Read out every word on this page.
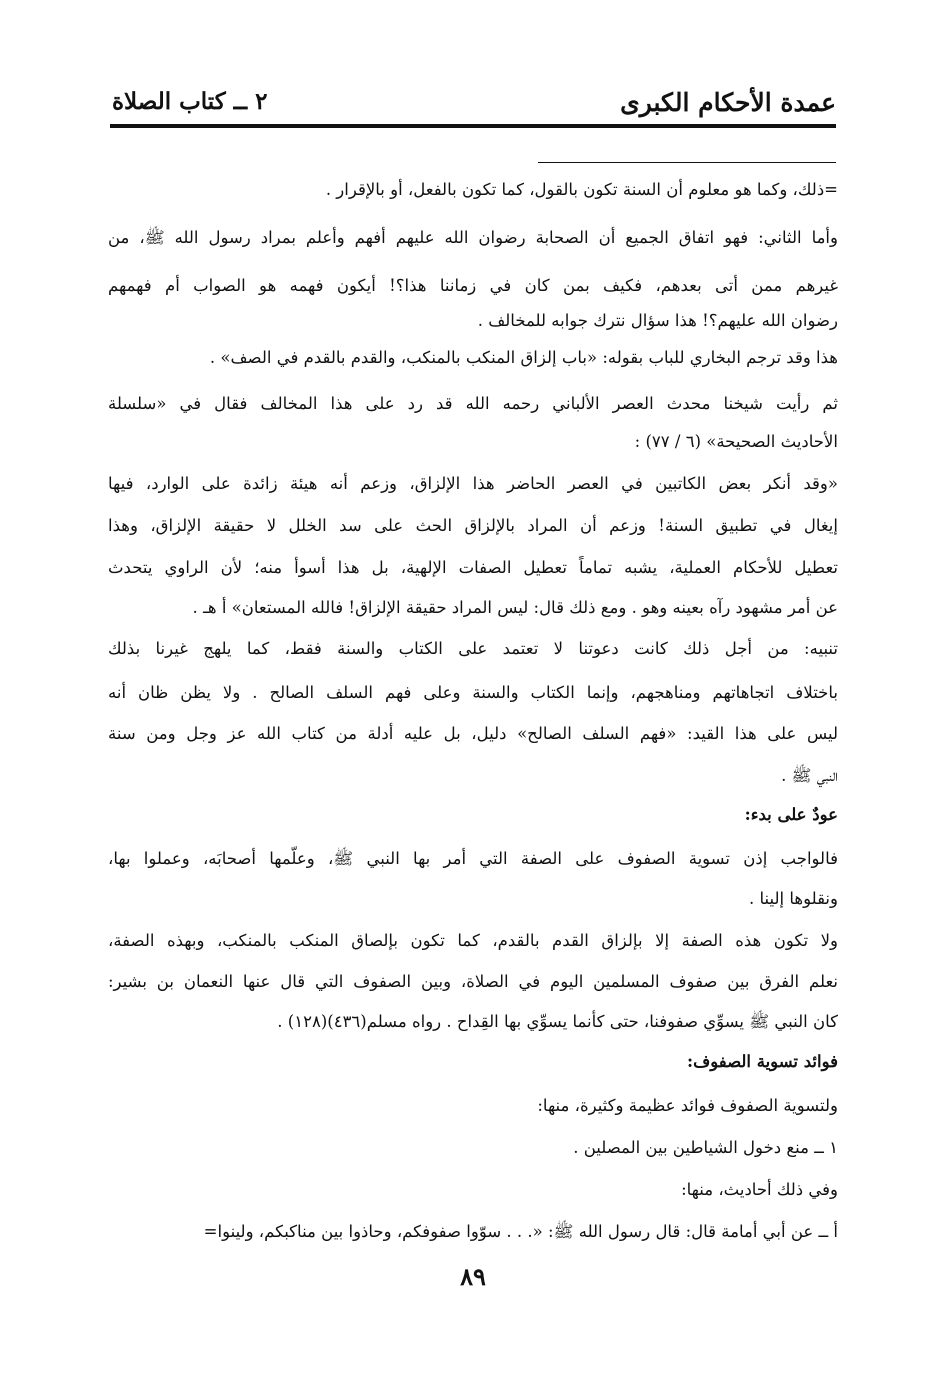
عمدة الأحكام الكبرى
٢ ــ كتاب الصلاة
=ذلك، وكما هو معلوم أن السنة تكون بالقول، كما تكون بالفعل، أو بالإقرار .
وأما الثاني: فهو اتفاق الجميع أن الصحابة رضوان الله عليهم أفهم وأعلم بمراد رسول الله ﷺ، من
غيرهم ممن أتى بعدهم، فكيف بمن كان في زماننا هذا؟! أيكون فهمه هو الصواب أم فهمهم
رضوان الله عليهم؟! هذا سؤال نترك جوابه للمخالف .
هذا وقد ترجم البخاري للباب بقوله: «باب إلزاق المنكب بالمنكب، والقدم بالقدم في الصف» .
ثم رأيت شيخنا محدث العصر الألباني رحمه الله قد رد على هذا المخالف فقال في «سلسلة
الأحاديث الصحيحة» (٦ / ٧٧) :
«وقد أنكر بعض الكاتبين في العصر الحاضر هذا الإلزاق، وزعم أنه هيئة زائدة على الوارد، فيها
إيغال في تطبيق السنة! وزعم أن المراد بالإلزاق الحث على سد الخلل لا حقيقة الإلزاق، وهذا
تعطيل للأحكام العملية، يشبه تماماً تعطيل الصفات الإلهية، بل هذا أسوأ منه؛ لأن الراوي يتحدث
عن أمر مشهود رآه بعينه وهو . ومع ذلك قال: ليس المراد حقيقة الإلزاق! فالله المستعان» أ هـ .
تنبيه: من أجل ذلك كانت دعوتنا لا تعتمد على الكتاب والسنة فقط، كما يلهج غيرنا بذلك
باختلاف اتجاهاتهم ومناهجهم، وإنما الكتاب والسنة وعلى فهم السلف الصالح . ولا يظن ظان أنه
ليس على هذا القيد: «فهم السلف الصالح» دليل، بل عليه أدلة من كتاب الله عز وجل ومن سنة
النبي ﷺ .
عودٌ على بدء:
فالواجب إذن تسوية الصفوف على الصفة التي أمر بها النبي ﷺ، وعلّمها أصحابَه، وعملوا بها،
ونقلوها إلينا .
ولا تكون هذه الصفة إلا بإلزاق القدم بالقدم، كما تكون بإلصاق المنكب بالمنكب، وبهذه الصفة،
نعلم الفرق بين صفوف المسلمين اليوم في الصلاة، وبين الصفوف التي قال عنها النعمان بن بشير:
كان النبي ﷺ يسوِّي صفوفنا، حتى كأنما يسوِّي بها القِداح . رواه مسلم(٤٣٦)(١٢٨) .
فوائد تسوية الصفوف:
ولتسوية الصفوف فوائد عظيمة وكثيرة، منها:
١ ــ منع دخول الشياطين بين المصلين .
وفي ذلك أحاديث، منها:
أ ــ عن أبي أمامة قال: قال رسول الله ﷺ: «. . . سوّوا صفوفكم، وحاذوا بين مناكبكم، ولينوا=
٨٩
